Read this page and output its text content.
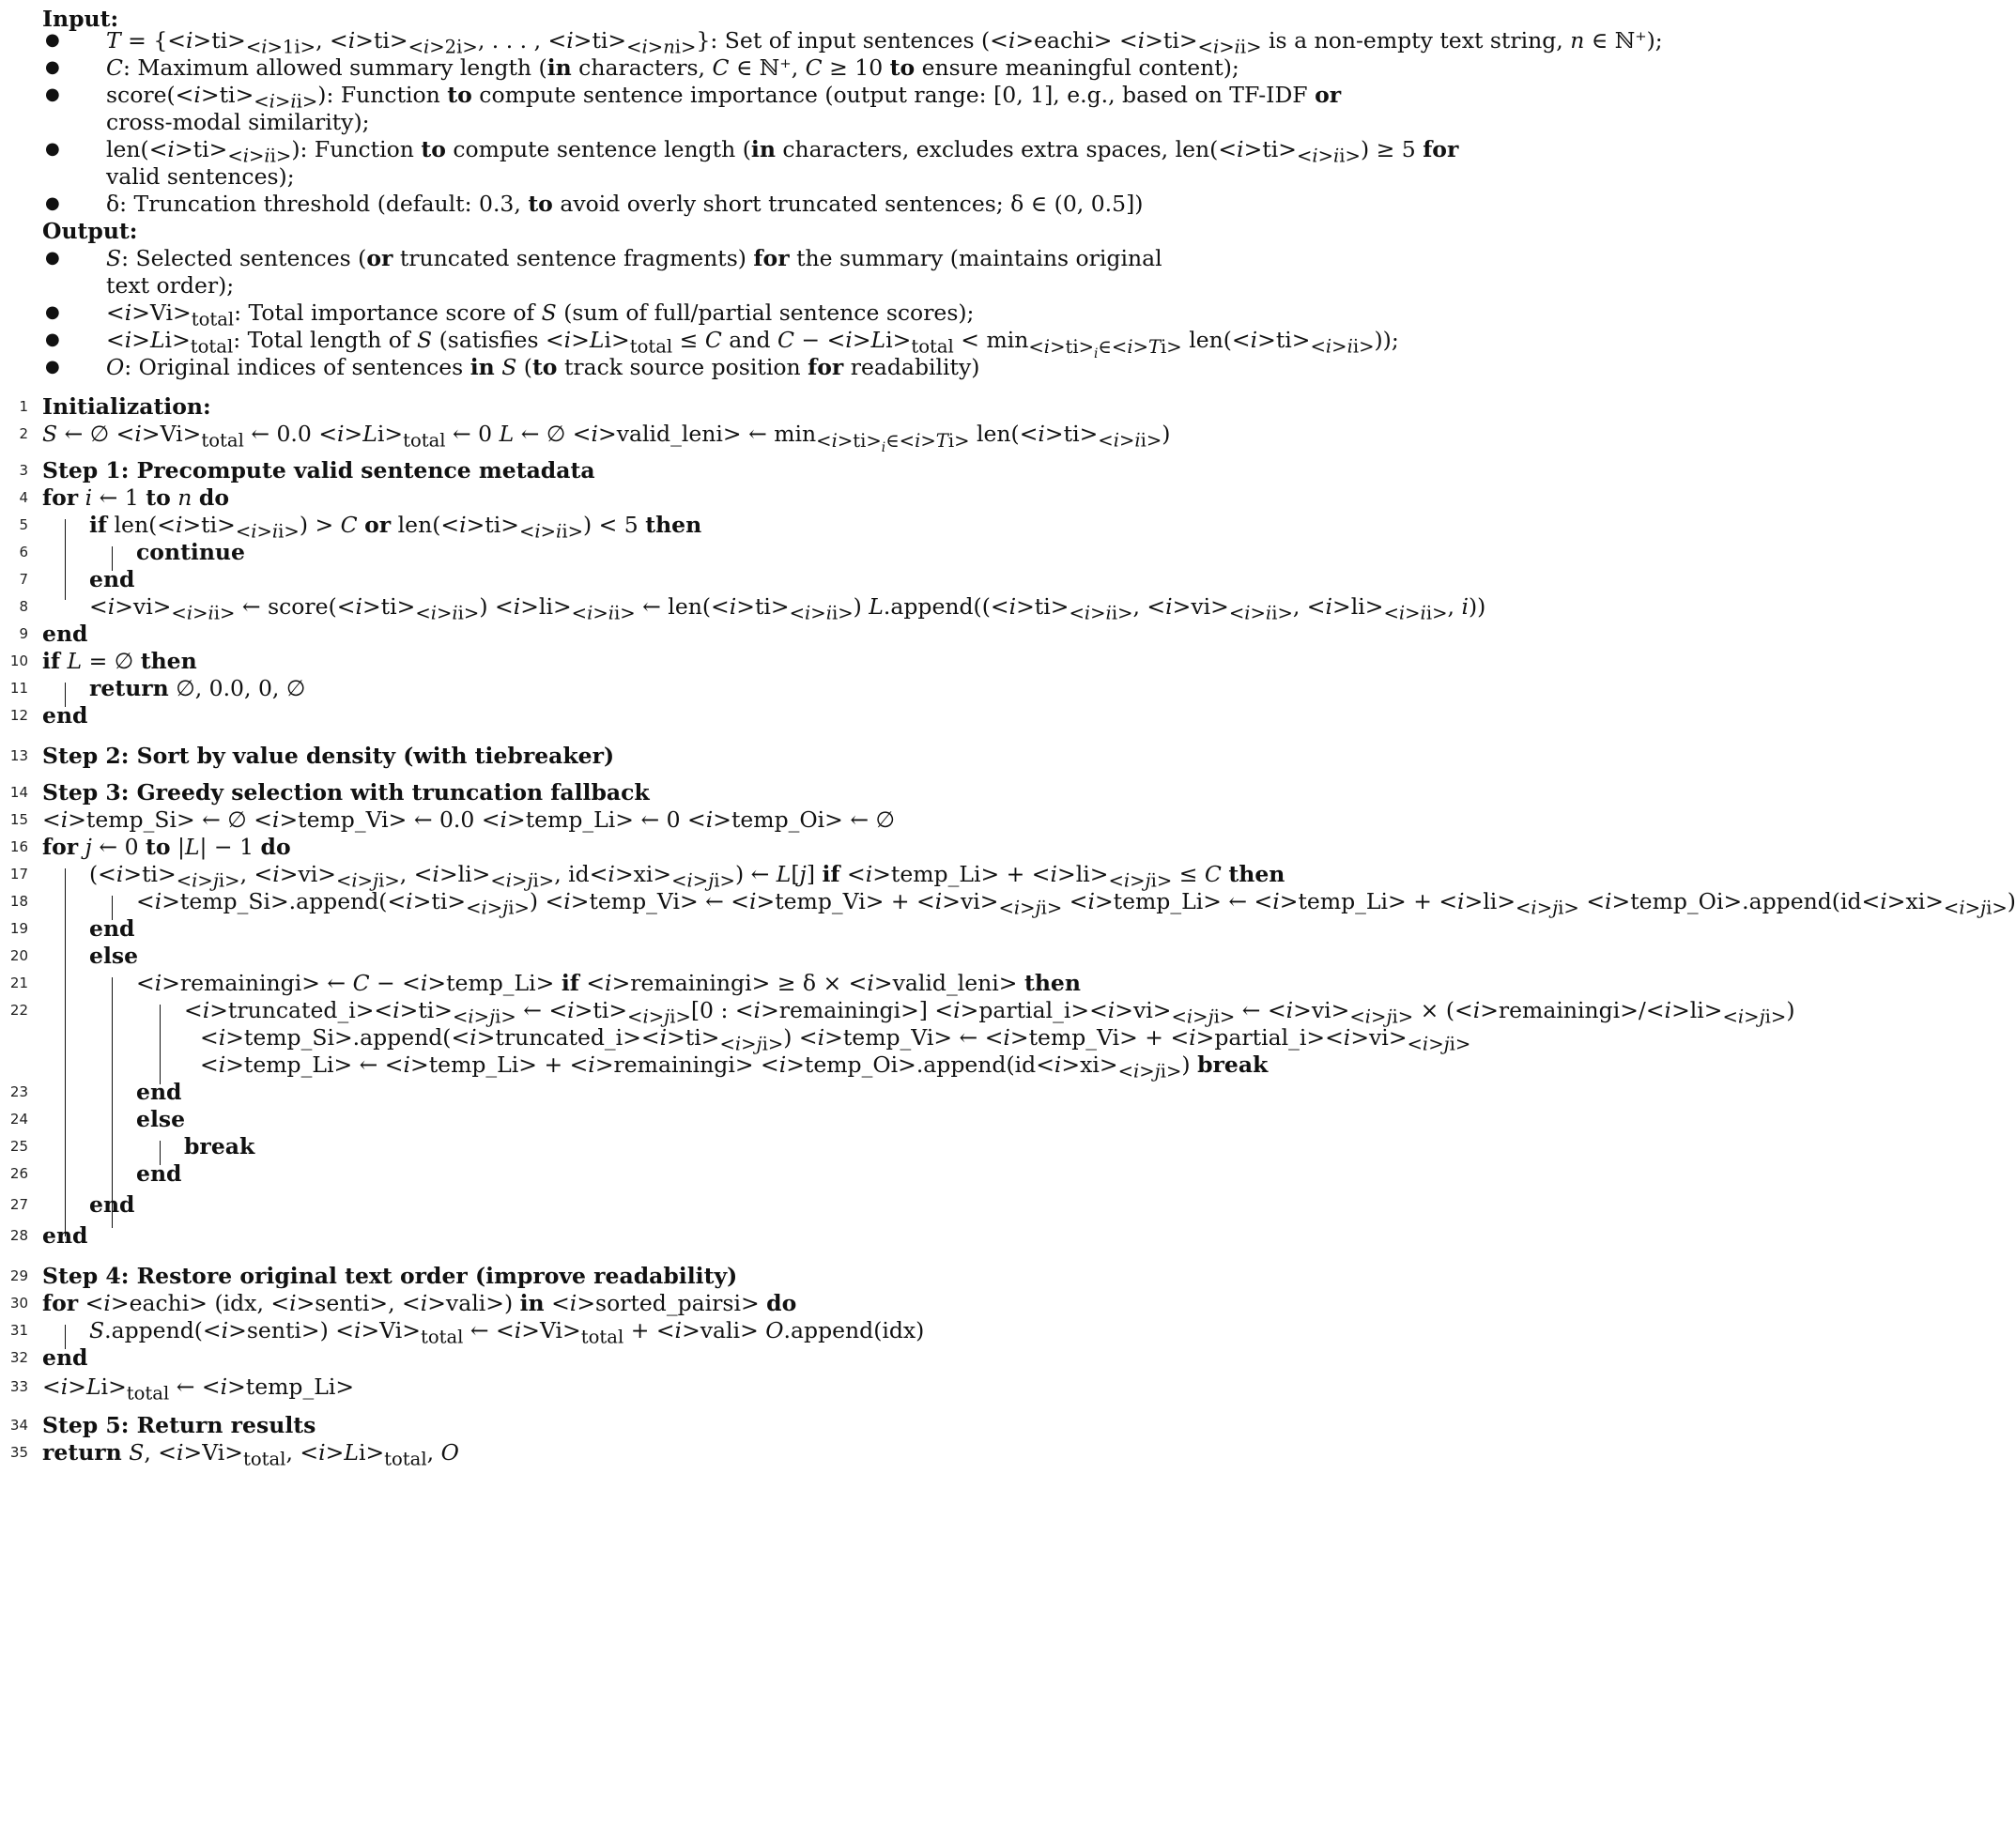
Input:
● $T = \{<i>ti>_{<i>1i>}$, $<i>ti>_{<i>2i>}$, . . . , $<i>ti>_{<i>ni>}$}: Set of input sentences (<i>eachi> $<i>ti>_{<i>ii>}$ is a non-empty text string, n ∈ ℕ⁺);
● C: Maximum allowed summary length (in characters, C ∈ ℕ⁺, C ≥ 10 to ensure meaningful content);
● $score(<i>ti>_{<i>ii>})$: Function to compute sentence importance (output range: [0, 1], e.g., based on TF-IDF or
cross-modal similarity);
● $len(<i>ti>_{<i>ii>})$: Function to compute sentence length (in characters, excludes extra spaces, $len(<i>ti>_{<i>ii>}) \ge 5$ for
valid sentences);
● δ: Truncation threshold (default: 0.3, to avoid overly short truncated sentences; δ ∈ (0, 0.5])
Output:
● S: Selected sentences (or truncated sentence fragments) for the summary (maintains original
text order);
● $<i>Vi>_{total}$: Total importance score of S (sum of full/partial sentence scores);
● $<i>Li>_{total}$: Total length of S (satisfies $<i>Li>_{total} \le C$ and $C - <i>Li>_{total} < \min_{<i>ti>_i\in<i>Ti>} len(<i>ti>_{<i>ii>})$);
● O: Original indices of sentences in S (to track source position for readability)
1 Initialization:
2 S ← ∅ $<i>Vi>_{total}$ ← $0.0 <i>Li>_{total}$ ← 0 L ← ∅ <i>valid_leni> ← $\min_{<i>ti>_i\in<i>Ti>} len(<i>ti>_{<i>ii>})$
3 Step 1: Precompute valid sentence metadata
4 for i ← 1 to n do
5	if $len(<i>ti>_{<i>ii>}) > C$ or $len(<i>ti>_{<i>ii>}) < 5$ then
6	continue
7	end
8	$<i>vi>_{<i>ii>}$ ← $score(<i>ti>_{<i>ii>}) <i>li>_{<i>ii>}$ ← $len(<i>ti>_{<i>ii>})$ $L.append((<i>ti>_{<i>ii>}$, $<i>vi>_{<i>ii>}$, $<i>li>_{<i>ii>}$, i))
9 end
10 if L = ∅ then
11	return ∅, 0.0, 0, ∅
12 end
13 Step 2: Sort by value density (with tiebreaker)
14 Step 3: Greedy selection with truncation fallback
15 <i>temp_Si> ← ∅ <i>temp_Vi> ← 0.0 <i>temp_Li> ← 0 <i>temp_Oi> ← ∅
16 for j ← 0 to |L| − 1 do
17	($<i>ti>_{<i>ji>}$, $<i>vi>_{<i>ji>}$, $<i>li>_{<i>ji>}$, $id<i>xi>_{<i>ji>}$) ← L[j] if <i>temp_Li> + $<i>li>_{<i>ji>} \le C$ then
18	$<i>temp\_Si>.append(<i>ti>_{<i>ji>})$ <i>temp_Vi> ← <i>temp_Vi> + $<i>vi>_{<i>ji>}$ <i>temp_Li> ← <i>temp_Li> + $<i>li>_{<i>ji>}$ $<i>temp\_Oi>.append(id<i>xi>_{<i>ji>})$
19	end
20	else
21	<i>remainingi> ← C − <i>temp_Li> if <i>remainingi> ≥ δ × <i>valid_leni> then
22	$<i>truncated\_i><i>ti>_{<i>ji>}$ ← $<i>ti>_{<i>ji>}[0$ : <i>remainingi>] $<i>partial\_i><i>vi>_{<i>ji>}$ ← $<i>vi>_{<i>ji>}$ × $(<i>remainingi>/<i>li>_{<i>ji>})$
$<i>temp\_Si>.append(<i>truncated\_i><i>ti>_{<i>ji>})$ <i>temp_Vi> ← <i>temp_Vi> + $<i>partial\_i><i>vi>_{<i>ji>}$
<i>temp_Li> ← <i>temp_Li> + <i>remainingi> $<i>temp\_Oi>.append(id<i>xi>_{<i>ji>})$ break
23	end
24	else
25	break
26	end
27	end
28 end
29 Step 4: Restore original text order (improve readability)
30 for <i>eachi> (idx, <i>senti>, <i>vali>) in <i>sorted_pairsi> do
31	S.append(<i>senti>) $<i>Vi>_{total}$ ← $<i>Vi>_{total}$ + <i>vali> O.append(idx)
32 end
$33 <i>Li>_{total}$ ← <i>temp_Li>
34 Step 5: Return results
35 return S, $<i>Vi>_{total}$, $<i>Li>_{total}$, O
